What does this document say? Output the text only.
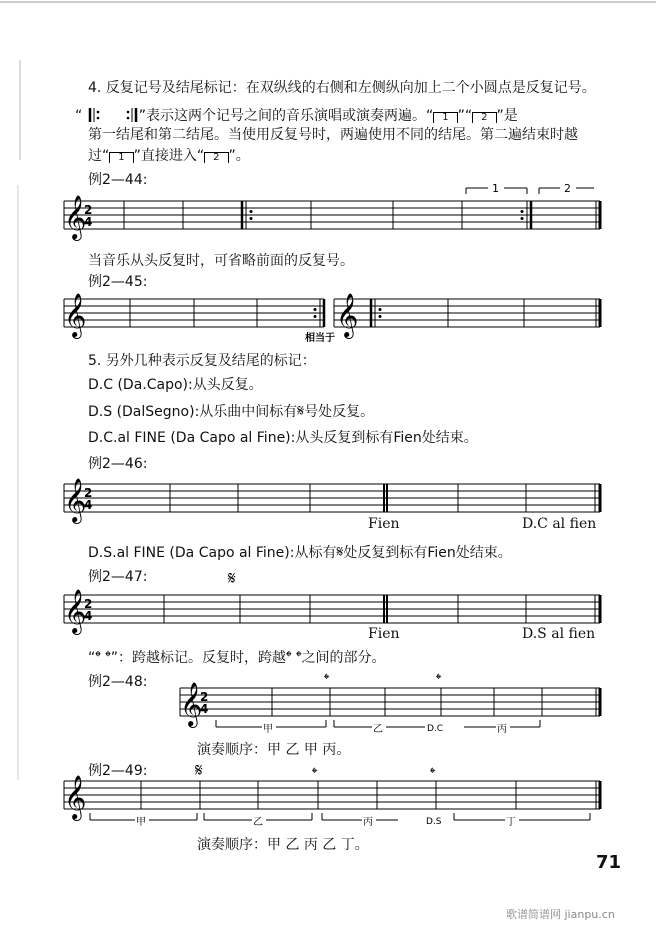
4. 反复记号及结尾标记：在双纵线的右侧和左侧纵向加上二个小圆点是反复记号。
“	”表示这两个记号之间的音乐演唱或演奏两遍。“ 1 ”“ 2 ”是
第一结尾和第二结尾。当使用反复号时，两遍使用不同的结尾。第二遍结束时越
过“ 1 ”直接进入“ 2 ”。
例2—44:
𝄞
2
4
1	2
当音乐从头反复时，可省略前面的反复号。
例2—45:
𝄞	𝄞
相当于
5. 另外几种表示反复及结尾的标记：
D.C (Da.Capo):从头反复。
D.S (DalSegno):从乐曲中间标有𝄋号处反复。
D.C.al FINE (Da Capo al Fine):从头反复到标有Fien处结束。
例2—46:
𝄞
2
4
Fien	D.C al fien
D.S.al FINE (Da Capo al Fine):从标有𝄋处反复到标有Fien处结束。
例2—47:	𝄋
𝄞
2
4
Fien	D.S al fien
“𝄌 𝄌”：跨越标记。反复时，跨越𝄌 𝄌之间的部分。
例2—48:	𝄌	𝄌
𝄞
2
4
甲	乙	D.C	丙
演奏顺序：甲 乙 甲 丙。
例2—49:	𝄋	𝄌	𝄌
𝄞
甲	乙	丙	D.S	丁
演奏顺序：甲 乙 丙 乙 丁。
71
歌谱简谱网 jianpu.cn
